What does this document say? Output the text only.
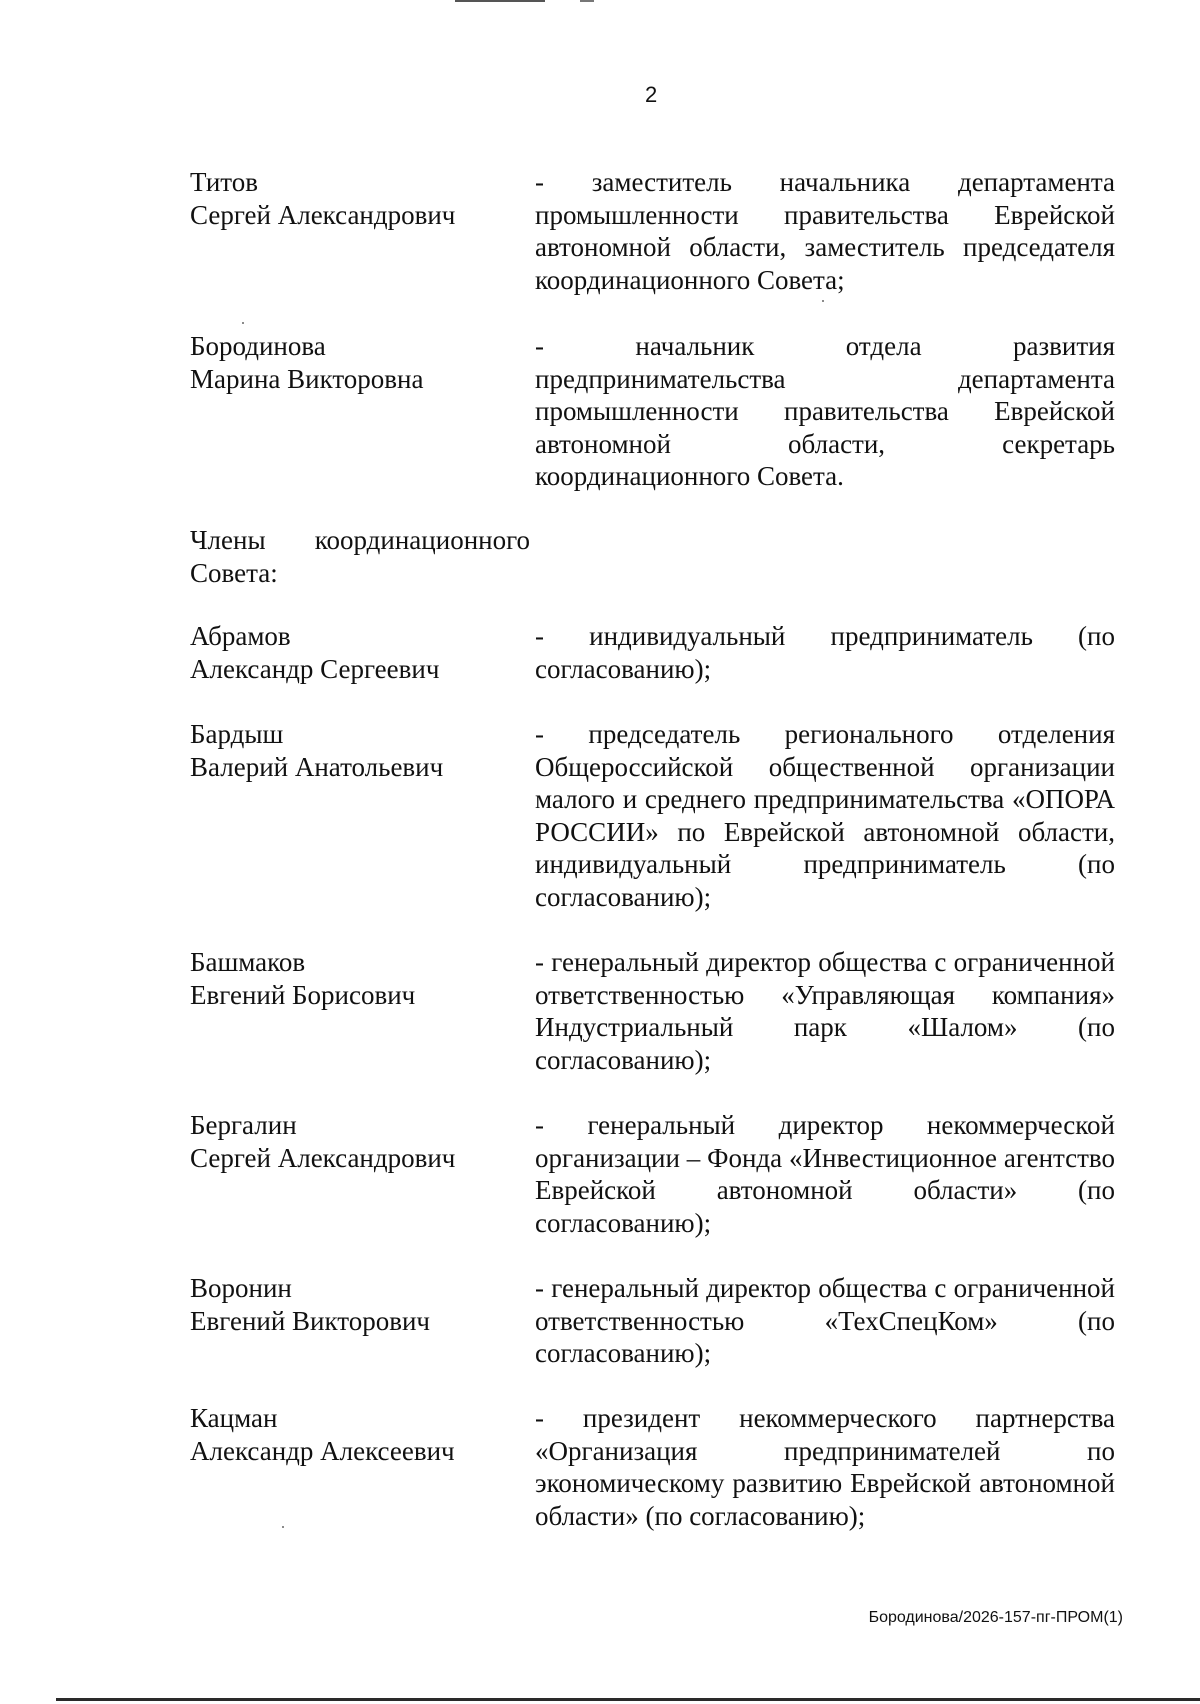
2
Титов
Сергей Александрович
- заместитель начальника департамента промышленности правительства Еврейской автономной области, заместитель председателя координационного Совета;
Бородинова
Марина Викторовна
- начальник отдела развития предпринимательства департамента промышленности правительства Еврейской автономной области, секретарь координационного Совета.
Члены координационного Совета:
Абрамов
Александр Сергеевич
- индивидуальный предприниматель (по согласованию);
Бардыш
Валерий Анатольевич
- председатель регионального отделения Общероссийской общественной организации малого и среднего предпринимательства «ОПОРА РОССИИ» по Еврейской автономной области, индивидуальный предприниматель (по согласованию);
Башмаков
Евгений Борисович
- генеральный директор общества с ограниченной ответственностью «Управляющая компания» Индустриальный парк «Шалом» (по согласованию);
Бергалин
Сергей Александрович
- генеральный директор некоммерческой организации – Фонда «Инвестиционное агентство Еврейской автономной области» (по согласованию);
Воронин
Евгений Викторович
- генеральный директор общества с ограниченной ответственностью «ТехСпецКом» (по согласованию);
Кацман
Александр Алексеевич
- президент некоммерческого партнерства «Организация предпринимателей по экономическому развитию Еврейской автономной области» (по согласованию);
Бородинова/2026-157-пг-ПРОМ(1)
